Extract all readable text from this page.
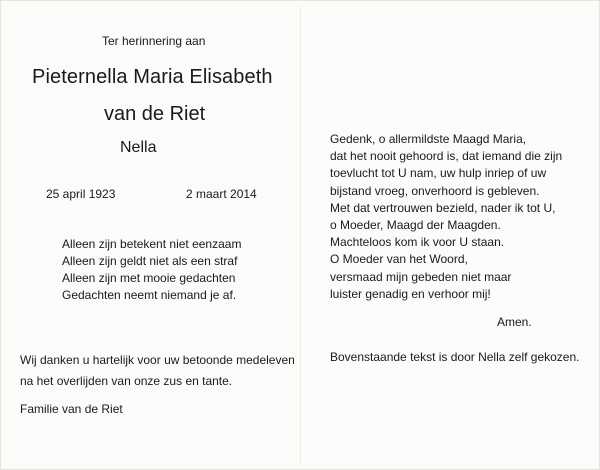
Ter herinnering aan

Pieternella Maria Elisabeth

van de Riet

Nella

25 april 1923	2 maart 2014

Alleen zijn betekent niet eenzaam
Alleen zijn geldt niet als een straf
Alleen zijn met mooie gedachten
Gedachten neemt niemand je af.
Wij danken u hartelijk voor uw betoonde medeleven
na het overlijden van onze zus en tante.

Familie van de Riet

Gedenk, o allermildste Maagd Maria,
dat het nooit gehoord is, dat iemand die zijn
toevlucht tot U nam, uw hulp inriep of uw
bijstand vroeg, onverhoord is gebleven.
Met dat vertrouwen bezield, nader ik tot U,
o Moeder, Maagd der Maagden.
Machteloos kom ik voor U staan.
O Moeder van het Woord,
versmaad mijn gebeden niet maar
luister genadig en verhoor mij!

Amen.

Bovenstaande tekst is door Nella zelf gekozen.
